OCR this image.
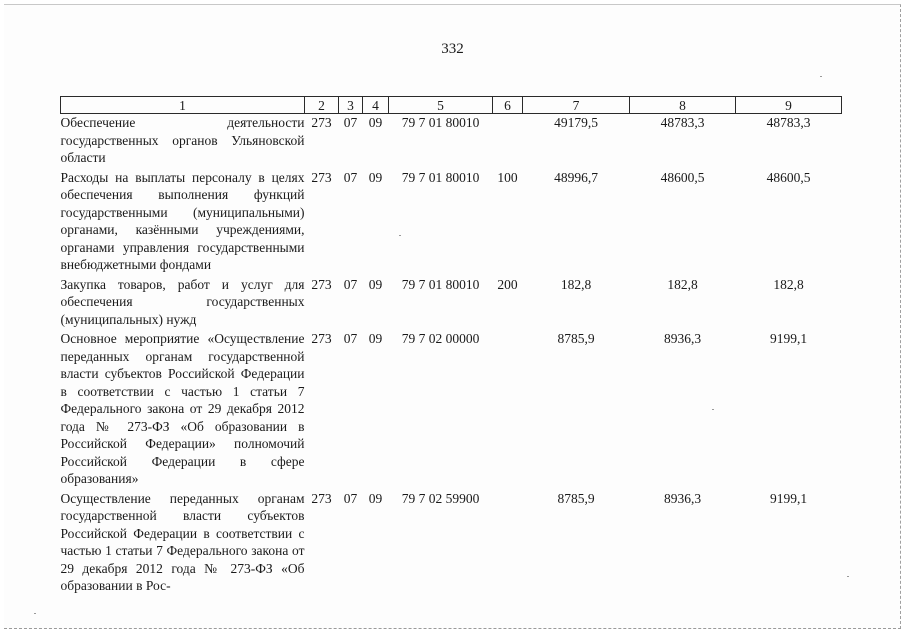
332
1	2	3	4	5	6	7	8	9
Обеспечение деятельности государственных органов Ульяновской области	273	07	09	79 7 01 80010		49179,5	48783,3	48783,3
Расходы на выплаты персоналу в целях обеспечения выполнения функций государственными (муниципальными) органами, казёнными учреждениями, органами управления государственными внебюджетными фондами	273	07	09	79 7 01 80010	100	48996,7	48600,5	48600,5
Закупка товаров, работ и услуг для обеспечения государственных (муниципальных) нужд	273	07	09	79 7 01 80010	200	182,8	182,8	182,8
Основное мероприятие «Осуществление переданных органам государственной власти субъектов Российской Федерации в соответствии с частью 1 статьи 7 Федерального закона от 29 декабря 2012 года № 273-ФЗ «Об образовании в Российской Федерации» полномочий Российской Федерации в сфере образования»	273	07	09	79 7 02 00000		8785,9	8936,3	9199,1
Осуществление переданных органам государственной власти субъектов Российской Федерации в соответствии с частью 1 статьи 7 Федерального закона от 29 декабря 2012 года № 273-ФЗ «Об образовании в Рос-	273	07	09	79 7 02 59900		8785,9	8936,3	9199,1
